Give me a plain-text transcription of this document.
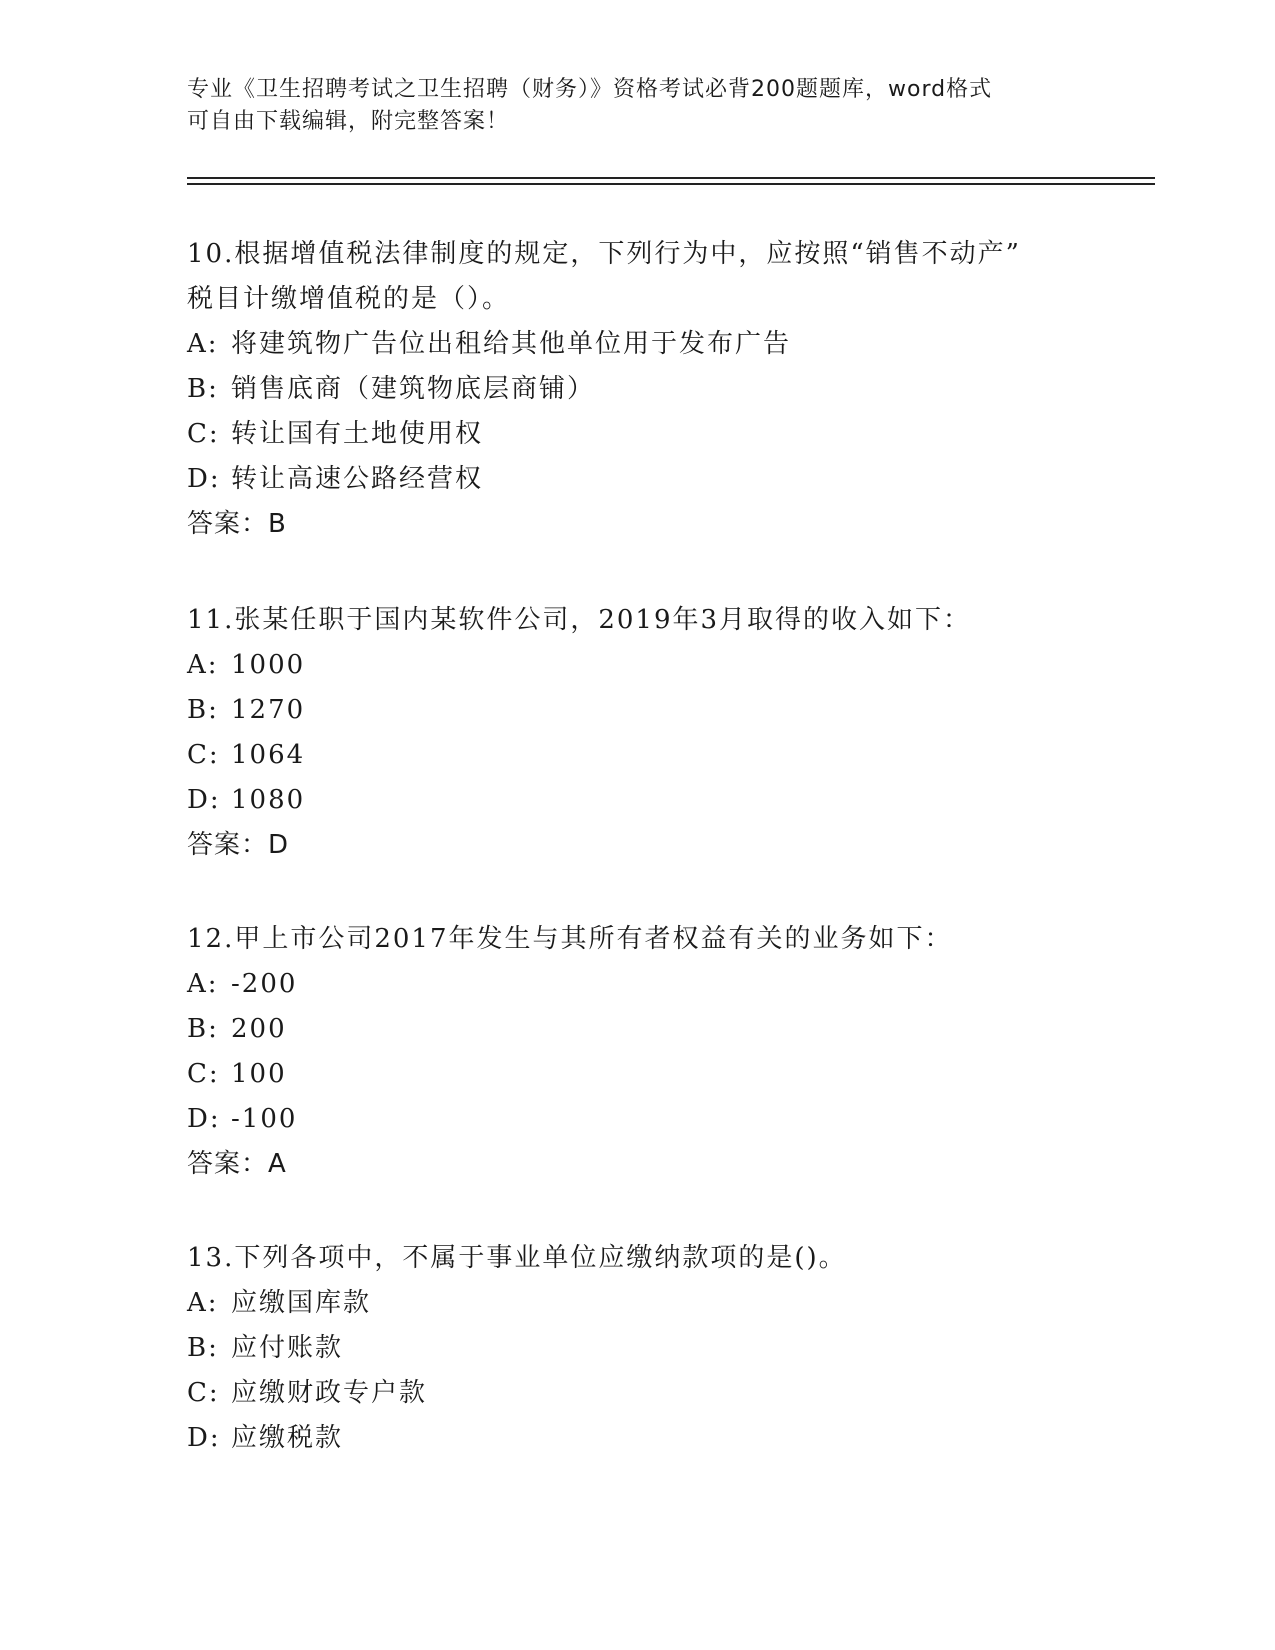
专业《卫生招聘考试之卫生招聘（财务）》资格考试必背200题题库，word格式
可自由下载编辑，附完整答案！
10.根据增值税法律制度的规定，下列行为中，应按照“销售不动产”
税目计缴增值税的是（）。
A: 将建筑物广告位出租给其他单位用于发布广告
B: 销售底商（建筑物底层商铺）
C: 转让国有土地使用权
D: 转让高速公路经营权
答案：B
11.张某任职于国内某软件公司，2019年3月取得的收入如下：
A: 1000
B: 1270
C: 1064
D: 1080
答案：D
12.甲上市公司2017年发生与其所有者权益有关的业务如下：
A: -200
B: 200
C: 100
D: -100
答案：A
13.下列各项中，不属于事业单位应缴纳款项的是()。
A: 应缴国库款
B: 应付账款
C: 应缴财政专户款
D: 应缴税款
